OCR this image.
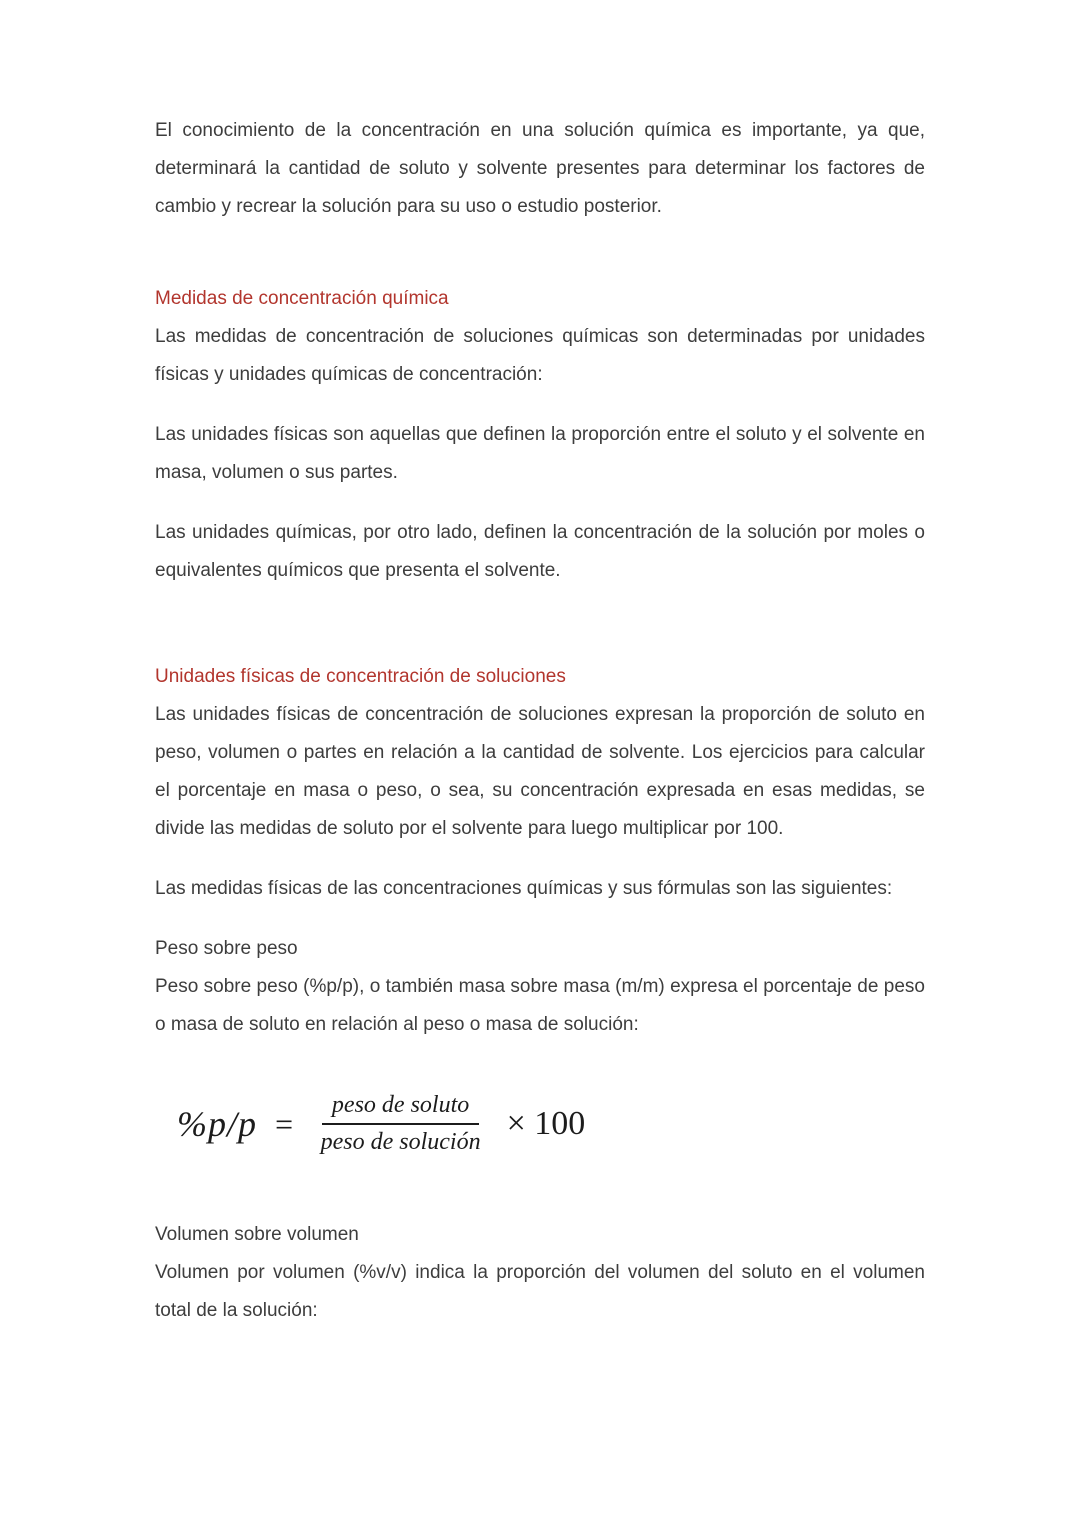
El conocimiento de la concentración en una solución química es importante, ya que, determinará la cantidad de soluto y solvente presentes para determinar los factores de cambio y recrear la solución para su uso o estudio posterior.

Medidas de concentración química

Las medidas de concentración de soluciones químicas son determinadas por unidades físicas y unidades químicas de concentración:

Las unidades físicas son aquellas que definen la proporción entre el soluto y el solvente en masa, volumen o sus partes.

Las unidades químicas, por otro lado, definen la concentración de la solución por moles o equivalentes químicos que presenta el solvente.

Unidades físicas de concentración de soluciones

Las unidades físicas de concentración de soluciones expresan la proporción de soluto en peso, volumen o partes en relación a la cantidad de solvente. Los ejercicios para calcular el porcentaje en masa o peso, o sea, su concentración expresada en esas medidas, se divide las medidas de soluto por el solvente para luego multiplicar por 100.

Las medidas físicas de las concentraciones químicas y sus fórmulas son las siguientes:

Peso sobre peso

Peso sobre peso (%p/p), o también masa sobre masa (m/m) expresa el porcentaje de peso o masa de soluto en relación al peso o masa de solución:

$\%p/p = \frac{\text{peso de soluto}}{\text{peso de solución}} \times 100$

Volumen sobre volumen

Volumen por volumen (%v/v) indica la proporción del volumen del soluto en el volumen total de la solución:
